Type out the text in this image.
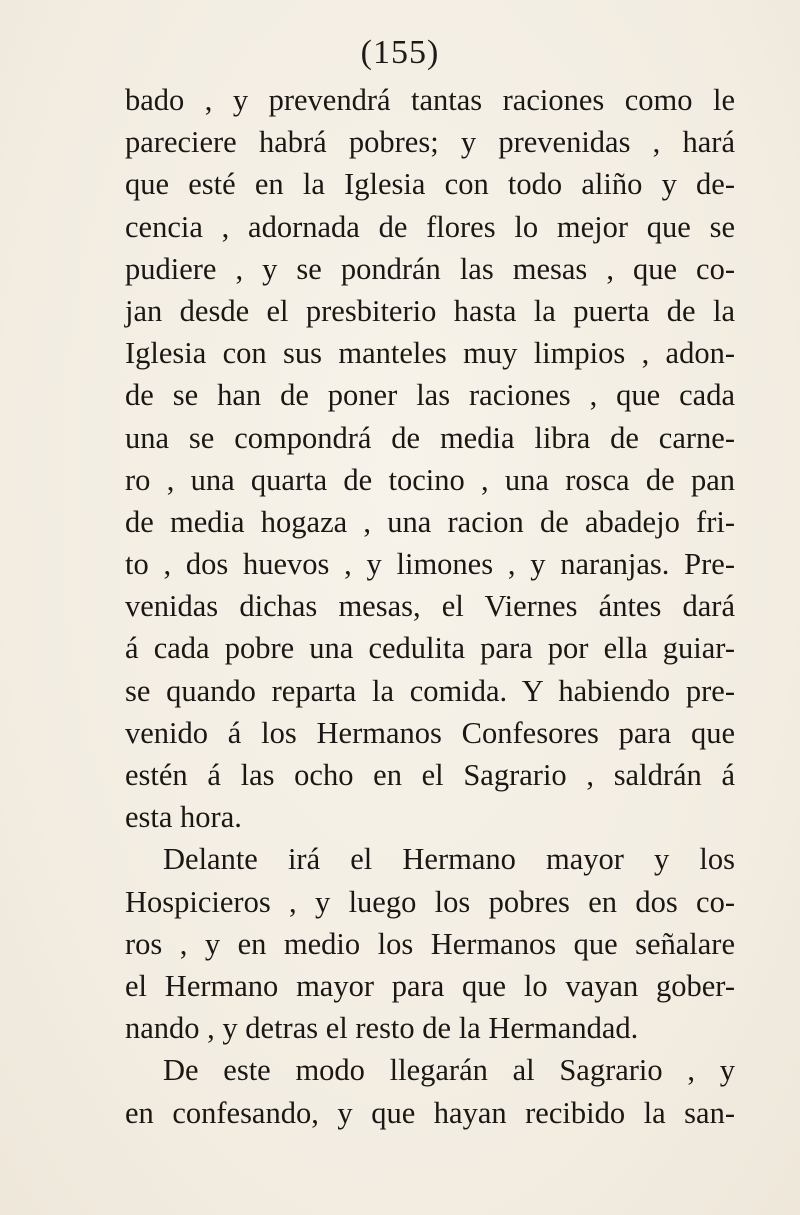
(155)
bado , y prevendrá tantas raciones como le
pareciere habrá pobres; y prevenidas , hará
que esté en la Iglesia con todo aliño y de-
cencia , adornada de flores lo mejor que se
pudiere , y se pondrán las mesas , que co-
jan desde el presbiterio hasta la puerta de la
Iglesia con sus manteles muy limpios , adon-
de se han de poner las raciones , que cada
una se compondrá de media libra de carne-
ro , una quarta de tocino , una rosca de pan
de media hogaza , una racion de abadejo fri-
to , dos huevos , y limones , y naranjas. Pre-
venidas dichas mesas, el Viernes ántes dará
á cada pobre una cedulita para por ella guiar-
se quando reparta la comida. Y habiendo pre-
venido á los Hermanos Confesores para que
estén á las ocho en el Sagrario , saldrán á
esta hora.
Delante irá el Hermano mayor y los
Hospicieros , y luego los pobres en dos co-
ros , y en medio los Hermanos que señalare
el Hermano mayor para que lo vayan gober-
nando , y detras el resto de la Hermandad.
De este modo llegarán al Sagrario , y
en confesando, y que hayan recibido la san-
